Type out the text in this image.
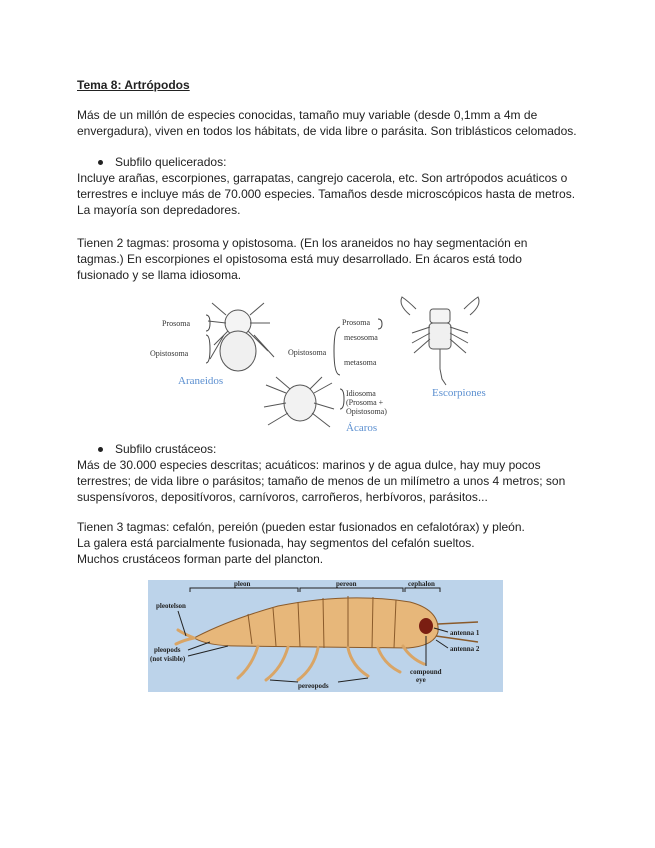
Tema 8: Artrópodos

Más de un millón de especies conocidas, tamaño muy variable (desde 0,1mm a 4m de envergadura), viven en todos los hábitats, de vida libre o parásita. Son triblásticos celomados.

Subfilo quelicerados:

Incluye arañas, escorpiones, garrapatas, cangrejo cacerola, etc. Son artrópodos acuáticos o terrestres e incluye más de 70.000 especies. Tamaños desde microscópicos hasta de metros. La mayoría son depredadores.

Tienen 2 tagmas: prosoma y opistosoma. (En los araneidos no hay segmentación en tagmas.) En escorpiones el opistosoma está muy desarrollado. En ácaros está todo fusionado y se llama idiosoma.

Prosoma
Opistosoma
Araneidos
Idiosoma
(Prosoma +
Opistosoma)
Ácaros
Prosoma
Opistosoma
mesosoma
metasoma
Escorpiones
Subfilo crustáceos:

Más de 30.000 especies descritas; acuáticos: marinos y de agua dulce, hay muy pocos terrestres; de vida libre o parásitos; tamaño de menos de un milímetro a unos 4 metros; son suspensívoros, depositívoros, carnívoros, carroñeros, herbívoros, parásitos...

Tienen 3 tagmas: cefalón, pereión (pueden estar fusionados en cefalotórax) y pleón.

La galera está parcialmente fusionada, hay segmentos del cefalón sueltos.

Muchos crustáceos forman parte del plancton.

pleon	pereon	cephalon
pleotelson
pleopods
(not visible)
pereopods
antenna 1
antenna 2
compound
eye
